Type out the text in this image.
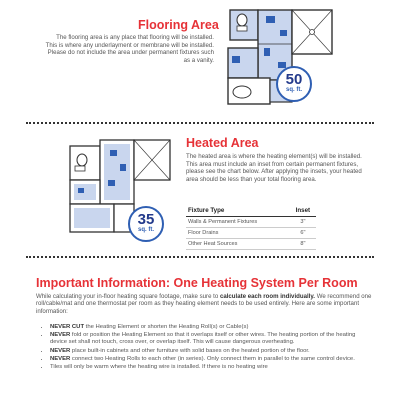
Flooring Area

The flooring area is any place that flooring will be installed. This is where any underlayment or membrane will be installed. Please do not include the area under permanent fixtures such as a vanity.

50
sq. ft.
35
sq. ft.
Heated Area

The heated area is where the heating element(s) will be installed. This area must include an inset from certain permanent fixtures, please see the chart below. After applying the insets, your heated area should be less than your total flooring area.

Fixture Type	Inset
Walls & Permanent Fixtures	3"
Floor Drains	6"
Other Heat Sources	8"
Important Information: One Heating System Per Room

While calculating your in-floor heating square footage, make sure to calculate each room individually. We recommend one roll/cable/mat and one thermostat per room as they heating element needs to be used entirely. Here are some important information:

• NEVER CUT the Heating Element or shorten the Heating Roll(s) or Cable(s)
• NEVER fold or position the Heating Element so that it overlaps itself or other wires. The heating portion of the heating device set shall not touch, cross over, or overlap itself. This will cause dangerous overheating.
• NEVER place built-in cabinets and other furniture with solid bases on the heated portion of the floor.
• NEVER connect two Heating Rolls to each other (in series). Only connect them in parallel to the same control device.
• Tiles will only be warm where the heating wire is installed. If there is no heating wire
